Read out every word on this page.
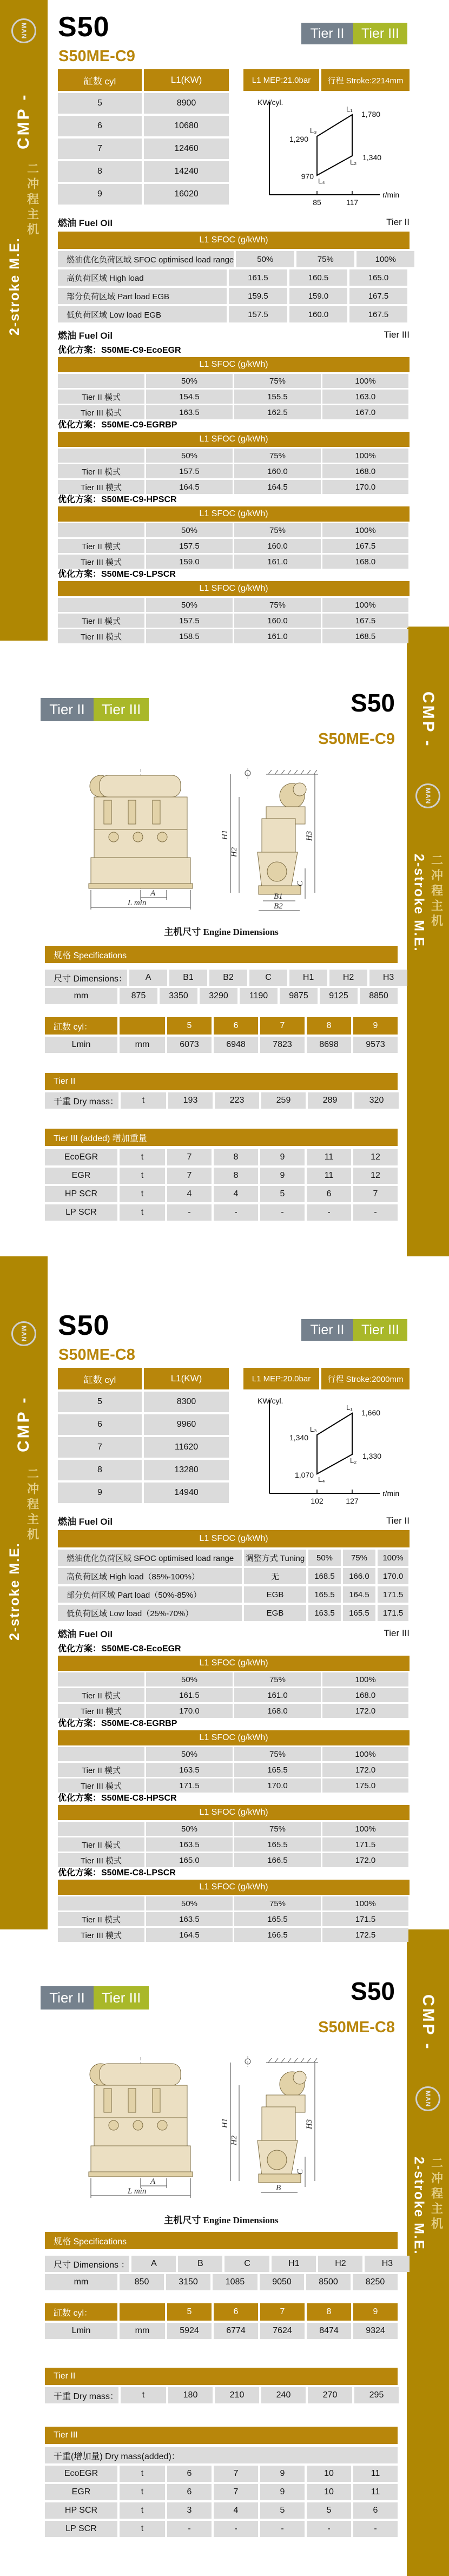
MAN
CMP -
2-stroke M.E.
二冲程主机
CMP -
MAN
2-stroke M.E. 二冲程主机
MAN
CMP -
2-stroke M.E.
二冲程主机
CMP -
MAN
2-stroke M.E. 二冲程主机
S50
S50ME-C9
Tier II	Tier III
缸数 cyl	L1(KW)
5	8900
6	10680
7	12460
8	14240
9	16020
L1 MEP:21.0bar	行程 Stroke:2214mm
KW/cyl.
r/min
85	117
L₁
1,780
L₂
1,340
L₃
1,290
L₄
970
燃油 Fuel Oil	Tier II
L1 SFOC (g/kWh)
燃油优化负荷区域 SFOC optimised load range	50%	75%	100%
高负荷区域 High load	161.5	160.5	165.0
部分负荷区域 Part load EGB	159.5	159.0	167.5
低负荷区域 Low load EGB	157.5	160.0	167.5
燃油 Fuel Oil	Tier III
优化方案：S50ME-C9-EcoEGR
L1 SFOC (g/kWh)
50%	75%	100%
Tier II 模式	154.5	155.5	163.0
Tier III 模式	163.5	162.5	167.0
优化方案：S50ME-C9-EGRBP
L1 SFOC (g/kWh)
50%	75%	100%
Tier II 模式	157.5	160.0	168.0
Tier III 模式	164.5	164.5	170.0
优化方案：S50ME-C9-HPSCR
L1 SFOC (g/kWh)
50%	75%	100%
Tier II 模式	157.5	160.0	167.5
Tier III 模式	159.0	161.0	168.0
优化方案：S50ME-C9-LPSCR
L1 SFOC (g/kWh)
50%	75%	100%
Tier II 模式	157.5	160.0	167.5
Tier III 模式	158.5	161.0	168.5
Tier II	Tier III	S50
S50ME-C9
A
L min
H1
H2
H3
C
B1
B2
主机尺寸 Engine Dimensions
规格 Specifications
尺寸 Dimensions：	A	B1	B2	C	H1	H2	H3
mm	875	3350	3290	1190	9875	9125	8850
缸数 cyl：	5	6	7	8	9
Lmin	mm	6073	6948	7823	8698	9573
Tier II
干重 Dry mass：	t	193	223	259	289	320
Tier III (added) 增加重量
EcoEGR	t	7	8	9	11	12
EGR	t	7	8	9	11	12
HP SCR	t	4	4	5	6	7
LP SCR	t	-	-	-	-	-
S50
S50ME-C8
Tier II	Tier III
缸数 cyl	L1(KW)
5	8300
6	9960
7	11620
8	13280
9	14940
L1 MEP:20.0bar	行程 Stroke:2000mm
KW/cyl.
r/min
102	127
L₁
1,660
L₂
1,330
L₃
1,340
L₄
1,070
燃油 Fuel Oil	Tier II
L1 SFOC (g/kWh)
燃油优化负荷区域 SFOC optimised load range	调整方式 Tuning	50%	75%	100%
高负荷区域 High load（85%-100%）	无	168.5	166.0	170.0
部分负荷区域 Part load（50%-85%）	EGB	165.5	164.5	171.5
低负荷区域 Low load（25%-70%）	EGB	163.5	165.5	171.5
燃油 Fuel Oil	Tier III
优化方案：S50ME-C8-EcoEGR
L1 SFOC (g/kWh)
50%	75%	100%
Tier II 模式	161.5	161.0	168.0
Tier III 模式	170.0	168.0	172.0
优化方案：S50ME-C8-EGRBP
L1 SFOC (g/kWh)
50%	75%	100%
Tier II 模式	163.5	165.5	172.0
Tier III 模式	171.5	170.0	175.0
优化方案：S50ME-C8-HPSCR
L1 SFOC (g/kWh)
50%	75%	100%
Tier II 模式	163.5	165.5	171.5
Tier III 模式	165.0	166.5	172.0
优化方案：S50ME-C8-LPSCR
L1 SFOC (g/kWh)
50%	75%	100%
Tier II 模式	163.5	165.5	171.5
Tier III 模式	164.5	166.5	172.5
Tier II	Tier III	S50
S50ME-C8
A
L min
H1
H2
H3
C
B
主机尺寸 Engine Dimensions
规格 Specifications
尺寸 Dimensions ：	A	B	C	H1	H2	H3
mm	850	3150	1085	9050	8500	8250
缸数 cyl：	5	6	7	8	9
Lmin	mm	5924	6774	7624	8474	9324
Tier II
干重 Dry mass：	t	180	210	240	270	295
Tier III
干重(增加量) Dry mass(added)：
EcoEGR	t	6	7	9	10	11
EGR	t	6	7	9	10	11
HP SCR	t	3	4	5	5	6
LP SCR	t	-	-	-	-	-
